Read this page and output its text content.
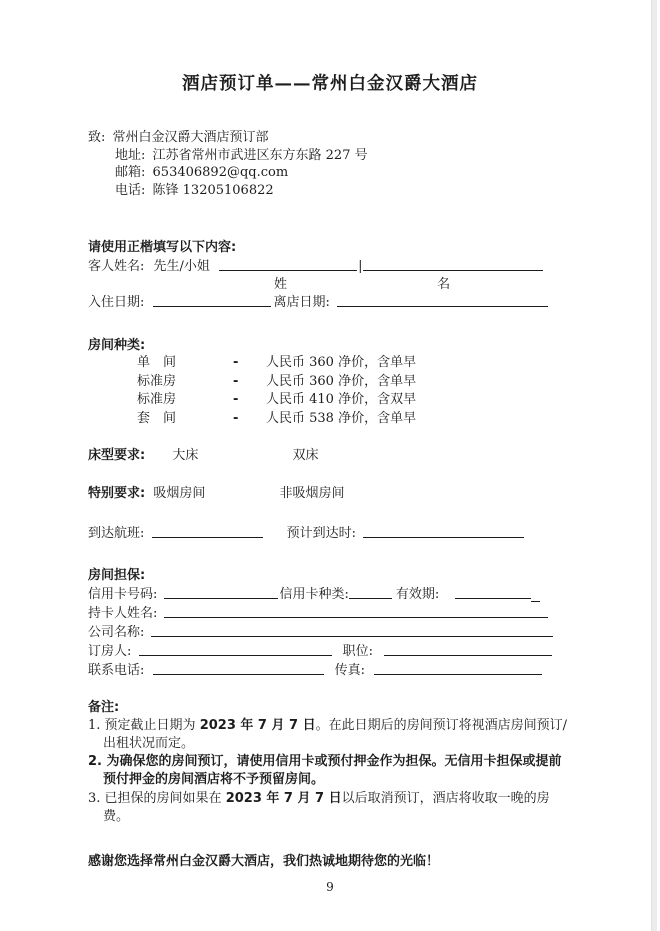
酒店预订单——常州白金汉爵大酒店
致: 常州白金汉爵大酒店预订部
地址: 江苏省常州市武进区东方东路 227 号
邮箱: 653406892@qq.com
电话: 陈锋 13205106822
请使用正楷填写以下内容:
客人姓名: 先生/小姐	|
姓	名
入住日期:	离店日期:
房间种类:
单　间	-	人民币 360 净价，含单早
标准房	-	人民币 360 净价，含单早
标准房	-	人民币 410 净价，含双早
套　间	-	人民币 538 净价，含单早
床型要求: 大床	双床
特别要求: 吸烟房间	非吸烟房间
到达航班:	预计到达时:
房间担保:
信用卡号码:	信用卡种类:	有效期:
持卡人姓名:
公司名称:
订房人:	职位:
联系电话:	传真:
备注:
1. 预定截止日期为 2023 年 7 月 7 日。在此日期后的房间预订将视酒店房间预订/出租状况而定。
2. 为确保您的房间预订，请使用信用卡或预付押金作为担保。无信用卡担保或提前预付押金的房间酒店将不予预留房间。
3. 已担保的房间如果在 2023 年 7 月 7 日以后取消预订，酒店将收取一晚的房费。
感谢您选择常州白金汉爵大酒店，我们热诚地期待您的光临！
9
